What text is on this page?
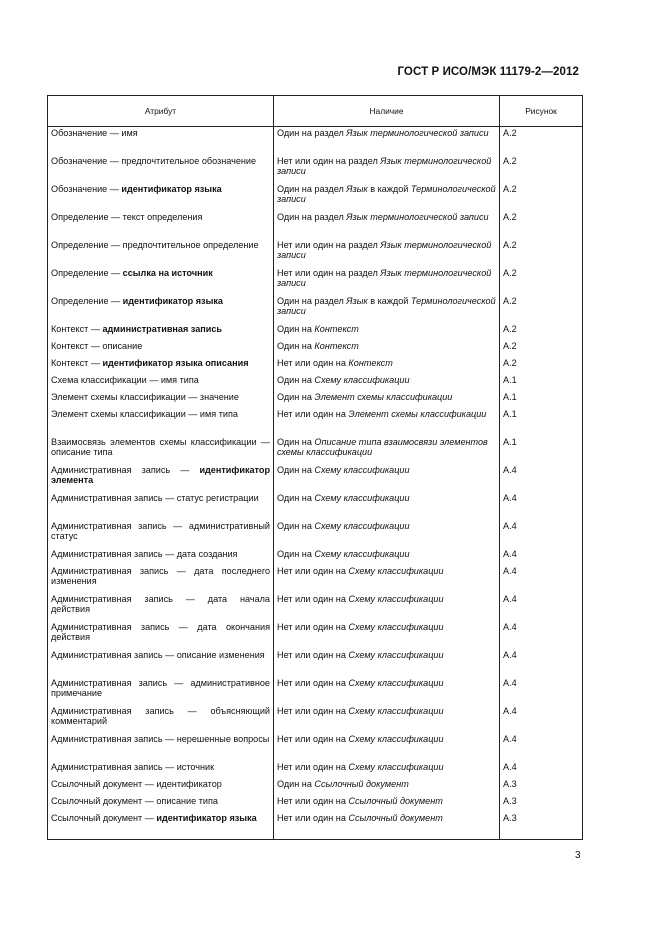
ГОСТ Р ИСО/МЭК 11179-2—2012
Атрибут	Наличие	Рисунок
Обозначение — имя	Один на раздел Язык терминологической записи	A.2
Обозначение — предпочтительное обозначение	Нет или один на раздел Язык терминологической записи	A.2
Обозначение — идентификатор языка	Один на раздел Язык в каждой Терминологической записи	A.2
Определение — текст определения	Один на раздел Язык терминологической записи	A.2
Определение — предпочтительное определение	Нет или один на раздел Язык терминологической записи	A.2
Определение — ссылка на источник	Нет или один на раздел Язык терминологической записи	A.2
Определение — идентификатор языка	Один на раздел Язык в каждой Терминологической записи	A.2
Контекст — административная запись	Один на Контекст	A.2
Контекст — описание	Один на Контекст	A.2
Контекст — идентификатор языка описания	Нет или один на Контекст	A.2
Схема классификации — имя типа	Один на Схему классификации	A.1
Элемент схемы классификации — значение	Один на Элемент схемы классификации	A.1
Элемент схемы классификации — имя типа	Нет или один на Элемент схемы классификации	A.1
Взаимосвязь элементов схемы классификации — описание типа	Один на Описание типа взаимосвязи элементов схемы классификации	A.1
Административная запись — идентификатор элемента	Один на Схему классификации	A.4
Административная запись — статус регистрации	Один на Схему классификации	A.4
Административная запись — административный статус	Один на Схему классификации	A.4
Административная запись — дата создания	Один на Схему классификации	A.4
Административная запись — дата последнего изменения	Нет или один на Схему классификации	A.4
Административная запись — дата начала действия	Нет или один на Схему классификации	A.4
Административная запись — дата окончания действия	Нет или один на Схему классификации	A.4
Административная запись — описание изменения	Нет или один на Схему классификации	A.4
Административная запись — административное примечание	Нет или один на Схему классификации	A.4
Административная запись — объясняющий комментарий	Нет или один на Схему классификации	A.4
Административная запись — нерешенные вопросы	Нет или один на Схему классификации	A.4
Административная запись — источник	Нет или один на Схему классификации	A.4
Ссылочный документ — идентификатор	Один на Ссылочный документ	A.3
Ссылочный документ — описание типа	Нет или один на Ссылочный документ	A.3
Ссылочный документ — идентификатор языка	Нет или один на Ссылочный документ	A.3
3
